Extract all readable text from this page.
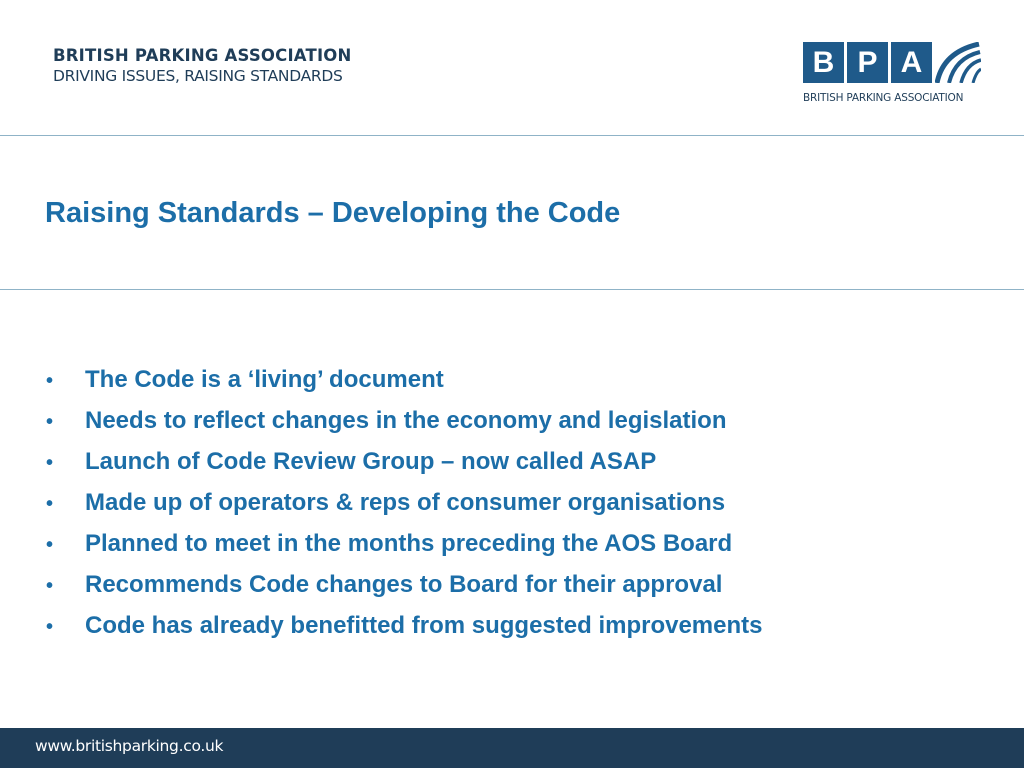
BRITISH PARKING ASSOCIATION
DRIVING ISSUES, RAISING STANDARDS	B P A
BRITISH PARKING ASSOCIATION
Raising Standards – Developing the Code
•	The Code is a ‘living’ document
•	Needs to reflect changes in the economy and legislation
•	Launch of Code Review Group – now called ASAP
•	Made up of operators & reps of consumer organisations
•	Planned to meet in the months preceding the AOS Board
•	Recommends Code changes to Board for their approval
•	Code has already benefitted from suggested improvements
www.britishparking.co.uk
